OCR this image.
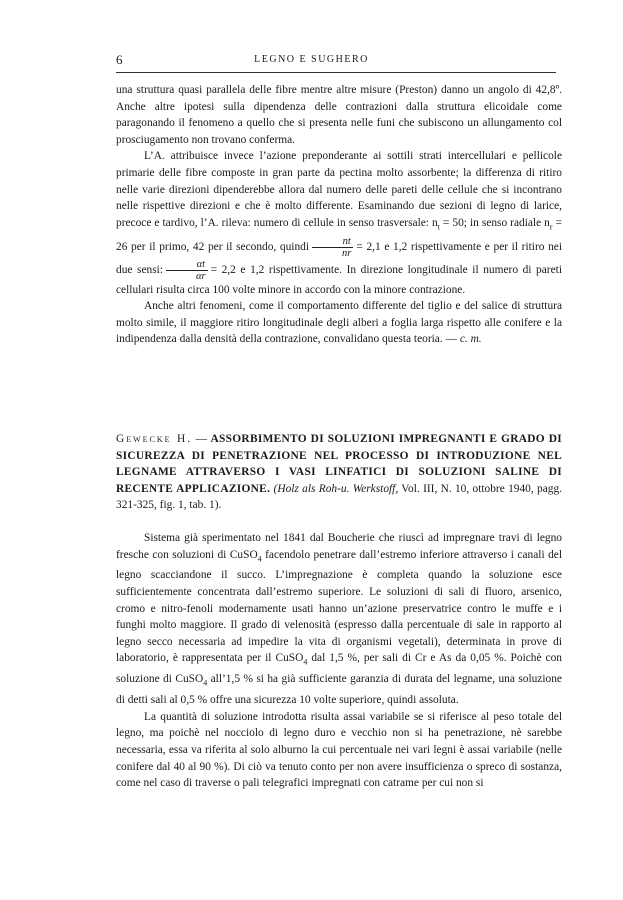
6	LEGNO E SUGHERO

una struttura quasi parallela delle fibre mentre altre misure (Preston) danno un angolo di 42,8º. Anche altre ipotesi sulla dipendenza delle contrazioni dalla struttura elicoidale come paragonando il fenomeno a quello che si presenta nelle funi che subiscono un allungamento col prosciugamento non trovano conferma.

L’A. attribuisce invece l’azione preponderante ai sottili strati intercellulari e pellicole primarie delle fibre composte in gran parte da pectina molto assorbente; la differenza di ritiro nelle varie direzioni dipenderebbe allora dal numero delle pareti delle cellule che si incontrano nelle rispettive direzioni e che è molto differente. Esaminando due sezioni di legno di larice, precoce e tardivo, l’A. rileva: numero di cellule in senso trasversale: $n_t = 50$; in senso radiale $n_r = 26$ per il primo, 42 per il secondo, quindi $\frac{nt}{nr} = 2,1$ e 1,2 rispettivamente e per il ritiro nei due sensi: $\frac{\alpha t}{\alpha r} = 2,2$ e 1,2 rispettivamente. In direzione longitudinale il numero di pareti cellulari risulta circa 100 volte minore in accordo con la minore contrazione.

Anche altri fenomeni, come il comportamento differente del tiglio e del salice di struttura molto simile, il maggiore ritiro longitudinale degli alberi a foglia larga rispetto alle conifere e la indipendenza dalla densità della contrazione, convalidano questa teoria. — c. m.

Gewecke H. — ASSORBIMENTO DI SOLUZIONI IMPREGNANTI E GRADO DI SICUREZZA DI PENETRAZIONE NEL PROCESSO DI INTRODUZIONE NEL LEGNAME ATTRAVERSO I VASI LINFATICI DI SOLUZIONI SALINE DI RECENTE APPLICAZIONE. (Holz als Roh-u. Werkstoff, Vol. III, N. 10, ottobre 1940, pagg. 321-325, fig. 1, tab. 1).

Sistema già sperimentato nel 1841 dal Boucherie che riuscì ad impregnare travi di legno fresche con soluzioni di CuSO$_4$ facendolo penetrare dall’estremo inferiore attraverso i canali del legno scacciandone il succo. L’impregnazione è completa quando la soluzione esce sufficientemente concentrata dall’estremo superiore. Le soluzioni di sali di fluoro, arsenico, cromo e nitro-fenoli modernamente usati hanno un’azione preservatrice contro le muffe e i funghi molto maggiore. Il grado di velenosità (espresso dalla percentuale di sale in rapporto al legno secco necessaria ad impedire la vita di organismi vegetali), determinata in prove di laboratorio, è rappresentata per il CuSO$_4$ dal 1,5 %, per sali di Cr e As da 0,05 %. Poichè con soluzione di CuSO$_4$ all’1,5 % si ha già sufficiente garanzia di durata del legname, una soluzione di detti sali al 0,5 % offre una sicurezza 10 volte superiore, quindi assoluta.

La quantità di soluzione introdotta risulta assai variabile se si riferisce al peso totale del legno, ma poichè nel nocciolo di legno duro e vecchio non si ha penetrazione, nè sarebbe necessaria, essa va riferita al solo alburno la cui percentuale nei vari legni è assai variabile (nelle conifere dal 40 al 90 %). Di ciò va tenuto conto per non avere insufficienza o spreco di sostanza, come nel caso di traverse o pali telegrafici impregnati con catrame per cui non si
